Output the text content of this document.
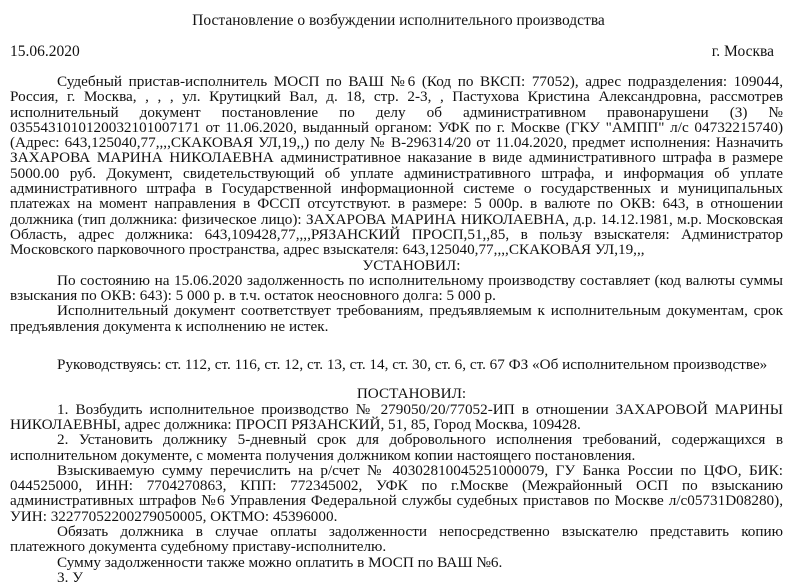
Постановление о возбуждении исполнительного производства
15.06.2020	г. Москва

Судебный пристав-исполнитель МОСП по ВАШ №6 (Код по ВКСП: 77052), адрес подразделения: 109044, Россия, г. Москва, , , , ул. Крутицкий Вал, д. 18, стр. 2-3, , Пастухова Кристина Александровна, рассмотрев исполнительный документ постановление по делу об административном правонарушени (3) № 0355431010120032101007171 от 11.06.2020, выданный органом: УФК по г. Москве (ГКУ "АМПП" л/с 04732215740) (Адрес: 643,125040,77,,,,СКАКОВАЯ УЛ,19,,) по делу № В-296314/20 от 11.04.2020, предмет исполнения: Назначить ЗАХАРОВА МАРИНА НИКОЛАЕВНА административное наказание в виде административного штрафа в размере 5000.00 руб. Документ, свидетельствующий об уплате административного штрафа, и информация об уплате административного штрафа в Государственной информационной системе о государственных и муниципальных платежах на момент направления в ФССП отсутствуют. в размере: 5 000р. в валюте по ОКВ: 643, в отношении должника (тип должника: физическое лицо): ЗАХАРОВА МАРИНА НИКОЛАЕВНА, д.р. 14.12.1981, м.р. Московская Область, адрес должника: 643,109428,77,,,,РЯЗАНСКИЙ ПРОСП,51,,85, в пользу взыскателя: Администратор Московского парковочного пространства, адрес взыскателя: 643,125040,77,,,,СКАКОВАЯ УЛ,19,,,

УСТАНОВИЛ:

По состоянию на 15.06.2020 задолженность по исполнительному производству составляет (код валюты суммы взыскания по ОКВ: 643): 5 000 р. в т.ч. остаток неосновного долга: 5 000 р.

Исполнительный документ соответствует требованиям, предъявляемым к исполнительным документам, срок предъявления документа к исполнению не истек.

Руководствуясь: ст. 112, ст. 116, ст. 12, ст. 13, ст. 14, ст. 30, ст. 6, ст. 67 ФЗ «Об исполнительном производстве»

ПОСТАНОВИЛ:

1. Возбудить исполнительное производство № 279050/20/77052-ИП в отношении ЗАХАРОВОЙ МАРИНЫ НИКОЛАЕВНЫ, адрес должника: ПРОСП РЯЗАНСКИЙ, 51, 85, Город Москва, 109428.

2. Установить должнику 5-дневный срок для добровольного исполнения требований, содержащихся в исполнительном документе, с момента получения должником копии настоящего постановления.

Взыскиваемую сумму перечислить на р/счет № 40302810045251000079, ГУ Банка России по ЦФО, БИК: 044525000, ИНН: 7704270863, КПП: 772345002, УФК по г.Москве (Межрайонный ОСП по взысканию административных штрафов №6 Управления Федеральной службы судебных приставов по Москве л/с05731D08280), УИН: 32277052200279050005, ОКТМО: 45396000.

Обязать должника в случае оплаты задолженности непосредственно взыскателю представить копию платежного документа судебному приставу-исполнителю.

Сумму задолженности также можно оплатить в МОСП по ВАШ №6.

3. У
